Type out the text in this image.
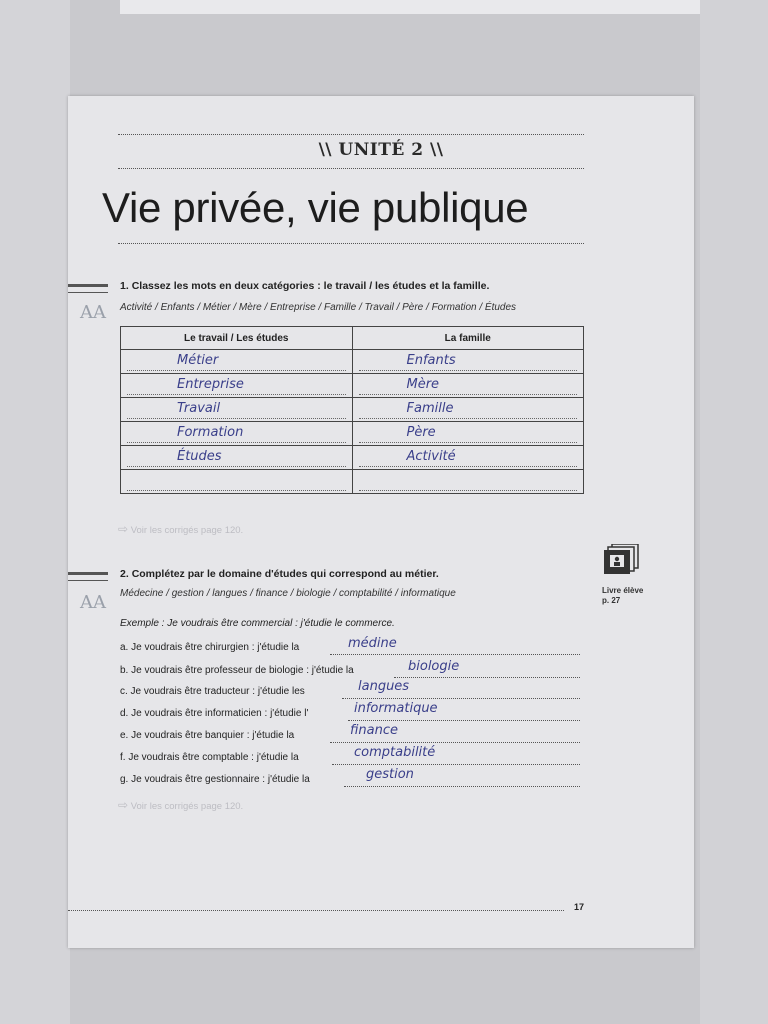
\\ UNITÉ 2 \\
Vie privée, vie publique
1. Classez les mots en deux catégories : le travail / les études et la famille.
AA Activité / Enfants / Métier / Mère / Entreprise / Famille / Travail / Père / Formation / Études
Le travail / Les études	La famille

Métier	Enfants

Entreprise	Mère

Travail	Famille

Formation	Père

Études	Activité

⇨ Voir les corrigés page 120.
2. Complétez par le domaine d'études qui correspond au métier.
AA Médecine / gestion / langues / finance / biologie / comptabilité / informatique	Livre élève
p. 27
Exemple : Je voudrais être commercial : j'étudie le commerce.
a. Je voudrais être chirurgien : j'étudie la	médine
b. Je voudrais être professeur de biologie : j'étudie la	biologie
c. Je voudrais être traducteur : j'étudie les	langues
d. Je voudrais être informaticien : j'étudie l'	informatique
e. Je voudrais être banquier : j'étudie la	finance
f. Je voudrais être comptable : j'étudie la	comptabilité
g. Je voudrais être gestionnaire : j'étudie la	gestion
⇨ Voir les corrigés page 120.
17
